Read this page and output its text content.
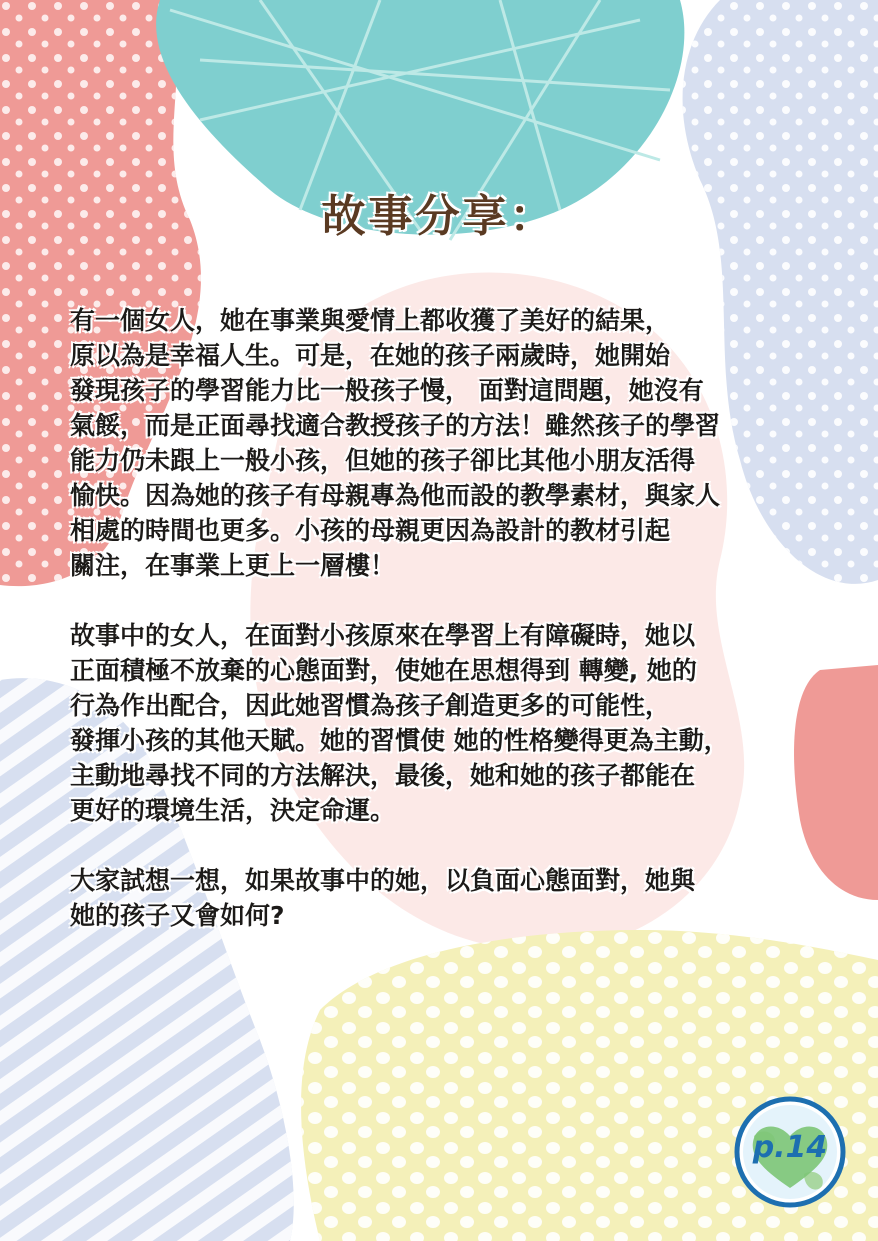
故事分享：

有一個女人，她在事業與愛情上都收獲了美好的結果，
原以為是幸福人生。可是，在她的孩子兩歲時，她開始
發現孩子的學習能力比一般孩子慢， 面對這問題，她沒有
氣餒，而是正面尋找適合教授孩子的方法！雖然孩子的學習
能力仍未跟上一般小孩，但她的孩子卻比其他小朋友活得
愉快。因為她的孩子有母親專為他而設的教學素材，與家人
相處的時間也更多。小孩的母親更因為設計的教材引起
關注，在事業上更上一層樓！

故事中的女人，在面對小孩原來在學習上有障礙時，她以
正面積極不放棄的心態面對，使她在思想得到 轉變, 她的
行為作出配合，因此她習慣為孩子創造更多的可能性，
發揮小孩的其他天賦。她的習慣使 她的性格變得更為主動，
主動地尋找不同的方法解決，最後，她和她的孩子都能在
更好的環境生活，決定命運。

大家試想一想，如果故事中的她，以負面心態面對，她與
她的孩子又會如何?

p.14
